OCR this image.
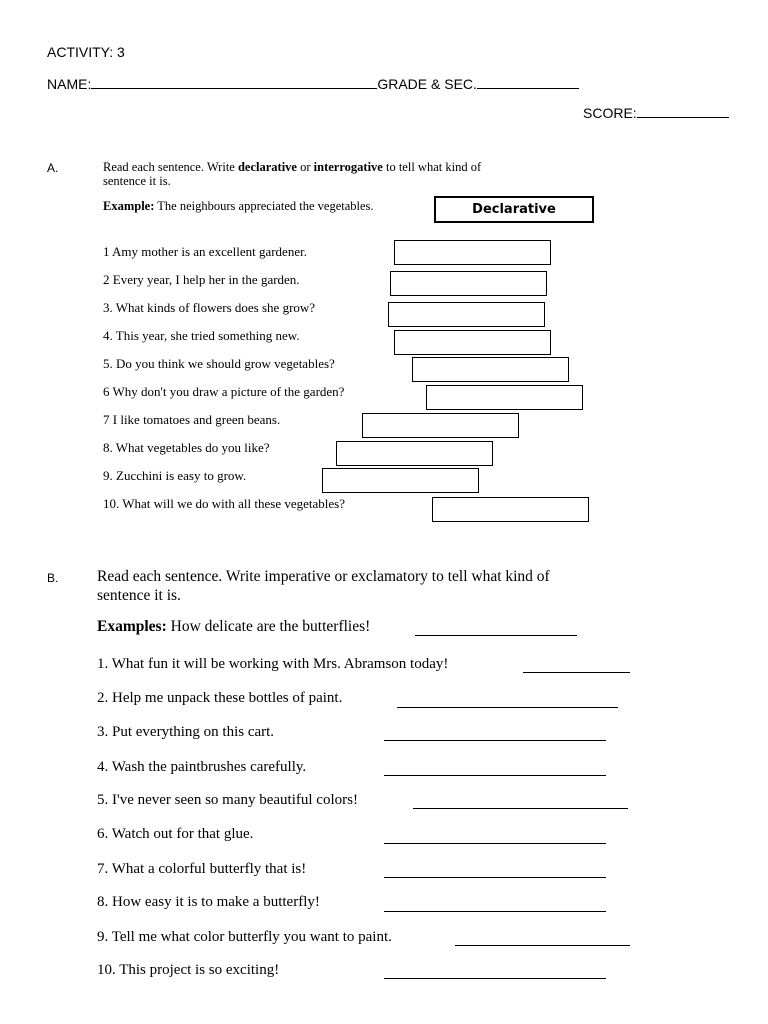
ACTIVITY: 3
NAME:	GRADE & SEC.
SCORE:
A.	Read each sentence. Write declarative or interrogative to tell what kind of
sentence it is.
Example: The neighbours appreciated the vegetables.	Declarative
1 Amy mother is an excellent gardener.
2 Every year, I help her in the garden.
3. What kinds of flowers does she grow?
4. This year, she tried something new.
5. Do you think we should grow vegetables?
6 Why don't you draw a picture of the garden?
7 I like tomatoes and green beans.
8. What vegetables do you like?
9. Zucchini is easy to grow.
10. What will we do with all these vegetables?
B. Read each sentence. Write imperative or exclamatory to tell what kind of
sentence it is.
Examples: How delicate are the butterflies!
1. What fun it will be working with Mrs. Abramson today!
2. Help me unpack these bottles of paint.
3. Put everything on this cart.
4. Wash the paintbrushes carefully.
5. I've never seen so many beautiful colors!
6. Watch out for that glue.
7. What a colorful butterfly that is!
8. How easy it is to make a butterfly!
9. Tell me what color butterfly you want to paint.
10. This project is so exciting!
